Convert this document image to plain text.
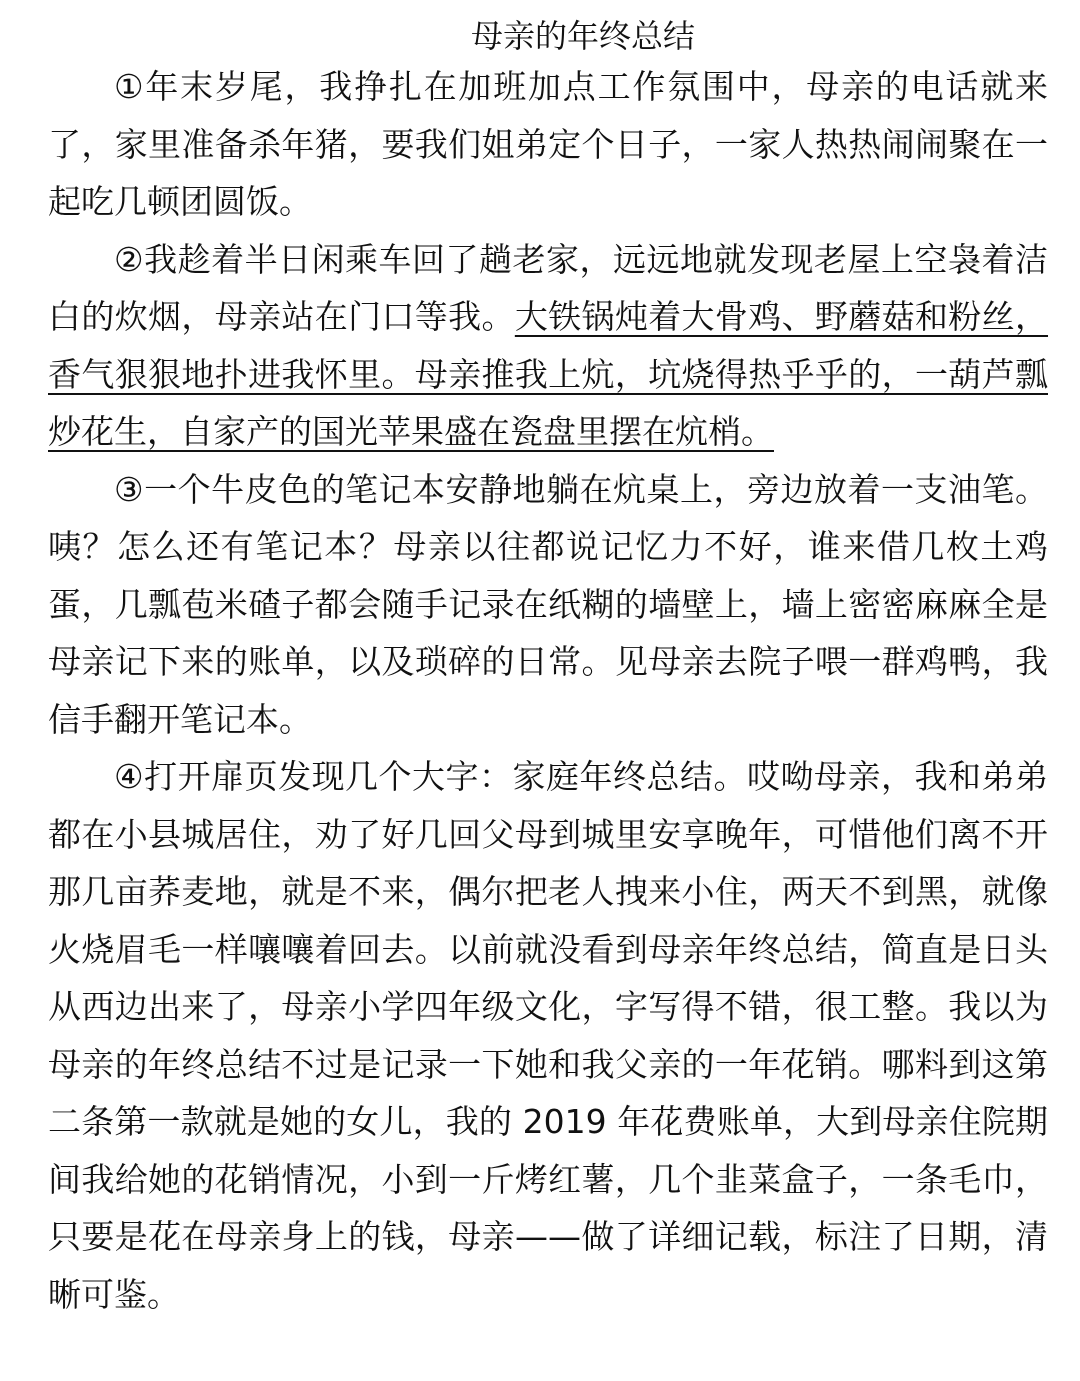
母亲的年终总结

①年末岁尾，我挣扎在加班加点工作氛围中，母亲的电话就来了，家里准备杀年猪，要我们姐弟定个日子，一家人热热闹闹聚在一起吃几顿团圆饭。

②我趁着半日闲乘车回了趟老家，远远地就发现老屋上空袅着洁白的炊烟，母亲站在门口等我。大铁锅炖着大骨鸡、野蘑菇和粉丝，香气狠狠地扑进我怀里。母亲推我上炕，坑烧得热乎乎的，一葫芦瓢炒花生，自家产的国光苹果盛在瓷盘里摆在炕梢。

③一个牛皮色的笔记本安静地躺在炕桌上，旁边放着一支油笔。咦？怎么还有笔记本？母亲以往都说记忆力不好，谁来借几枚土鸡蛋，几瓢苞米碴子都会随手记录在纸糊的墙壁上，墙上密密麻麻全是母亲记下来的账单，以及琐碎的日常。见母亲去院子喂一群鸡鸭，我信手翻开笔记本。

④打开扉页发现几个大字：家庭年终总结。哎呦母亲，我和弟弟都在小县城居住，劝了好几回父母到城里安享晚年，可惜他们离不开那几亩荞麦地，就是不来，偶尔把老人拽来小住，两天不到黑，就像火烧眉毛一样嚷嚷着回去。以前就没看到母亲年终总结，简直是日头从西边出来了，母亲小学四年级文化，字写得不错，很工整。我以为母亲的年终总结不过是记录一下她和我父亲的一年花销。哪料到这第二条第一款就是她的女儿，我的 2019 年花费账单，大到母亲住院期间我给她的花销情况，小到一斤烤红薯，几个韭菜盒子，一条毛巾，只要是花在母亲身上的钱，母亲——做了详细记载，标注了日期，清晰可鉴。
